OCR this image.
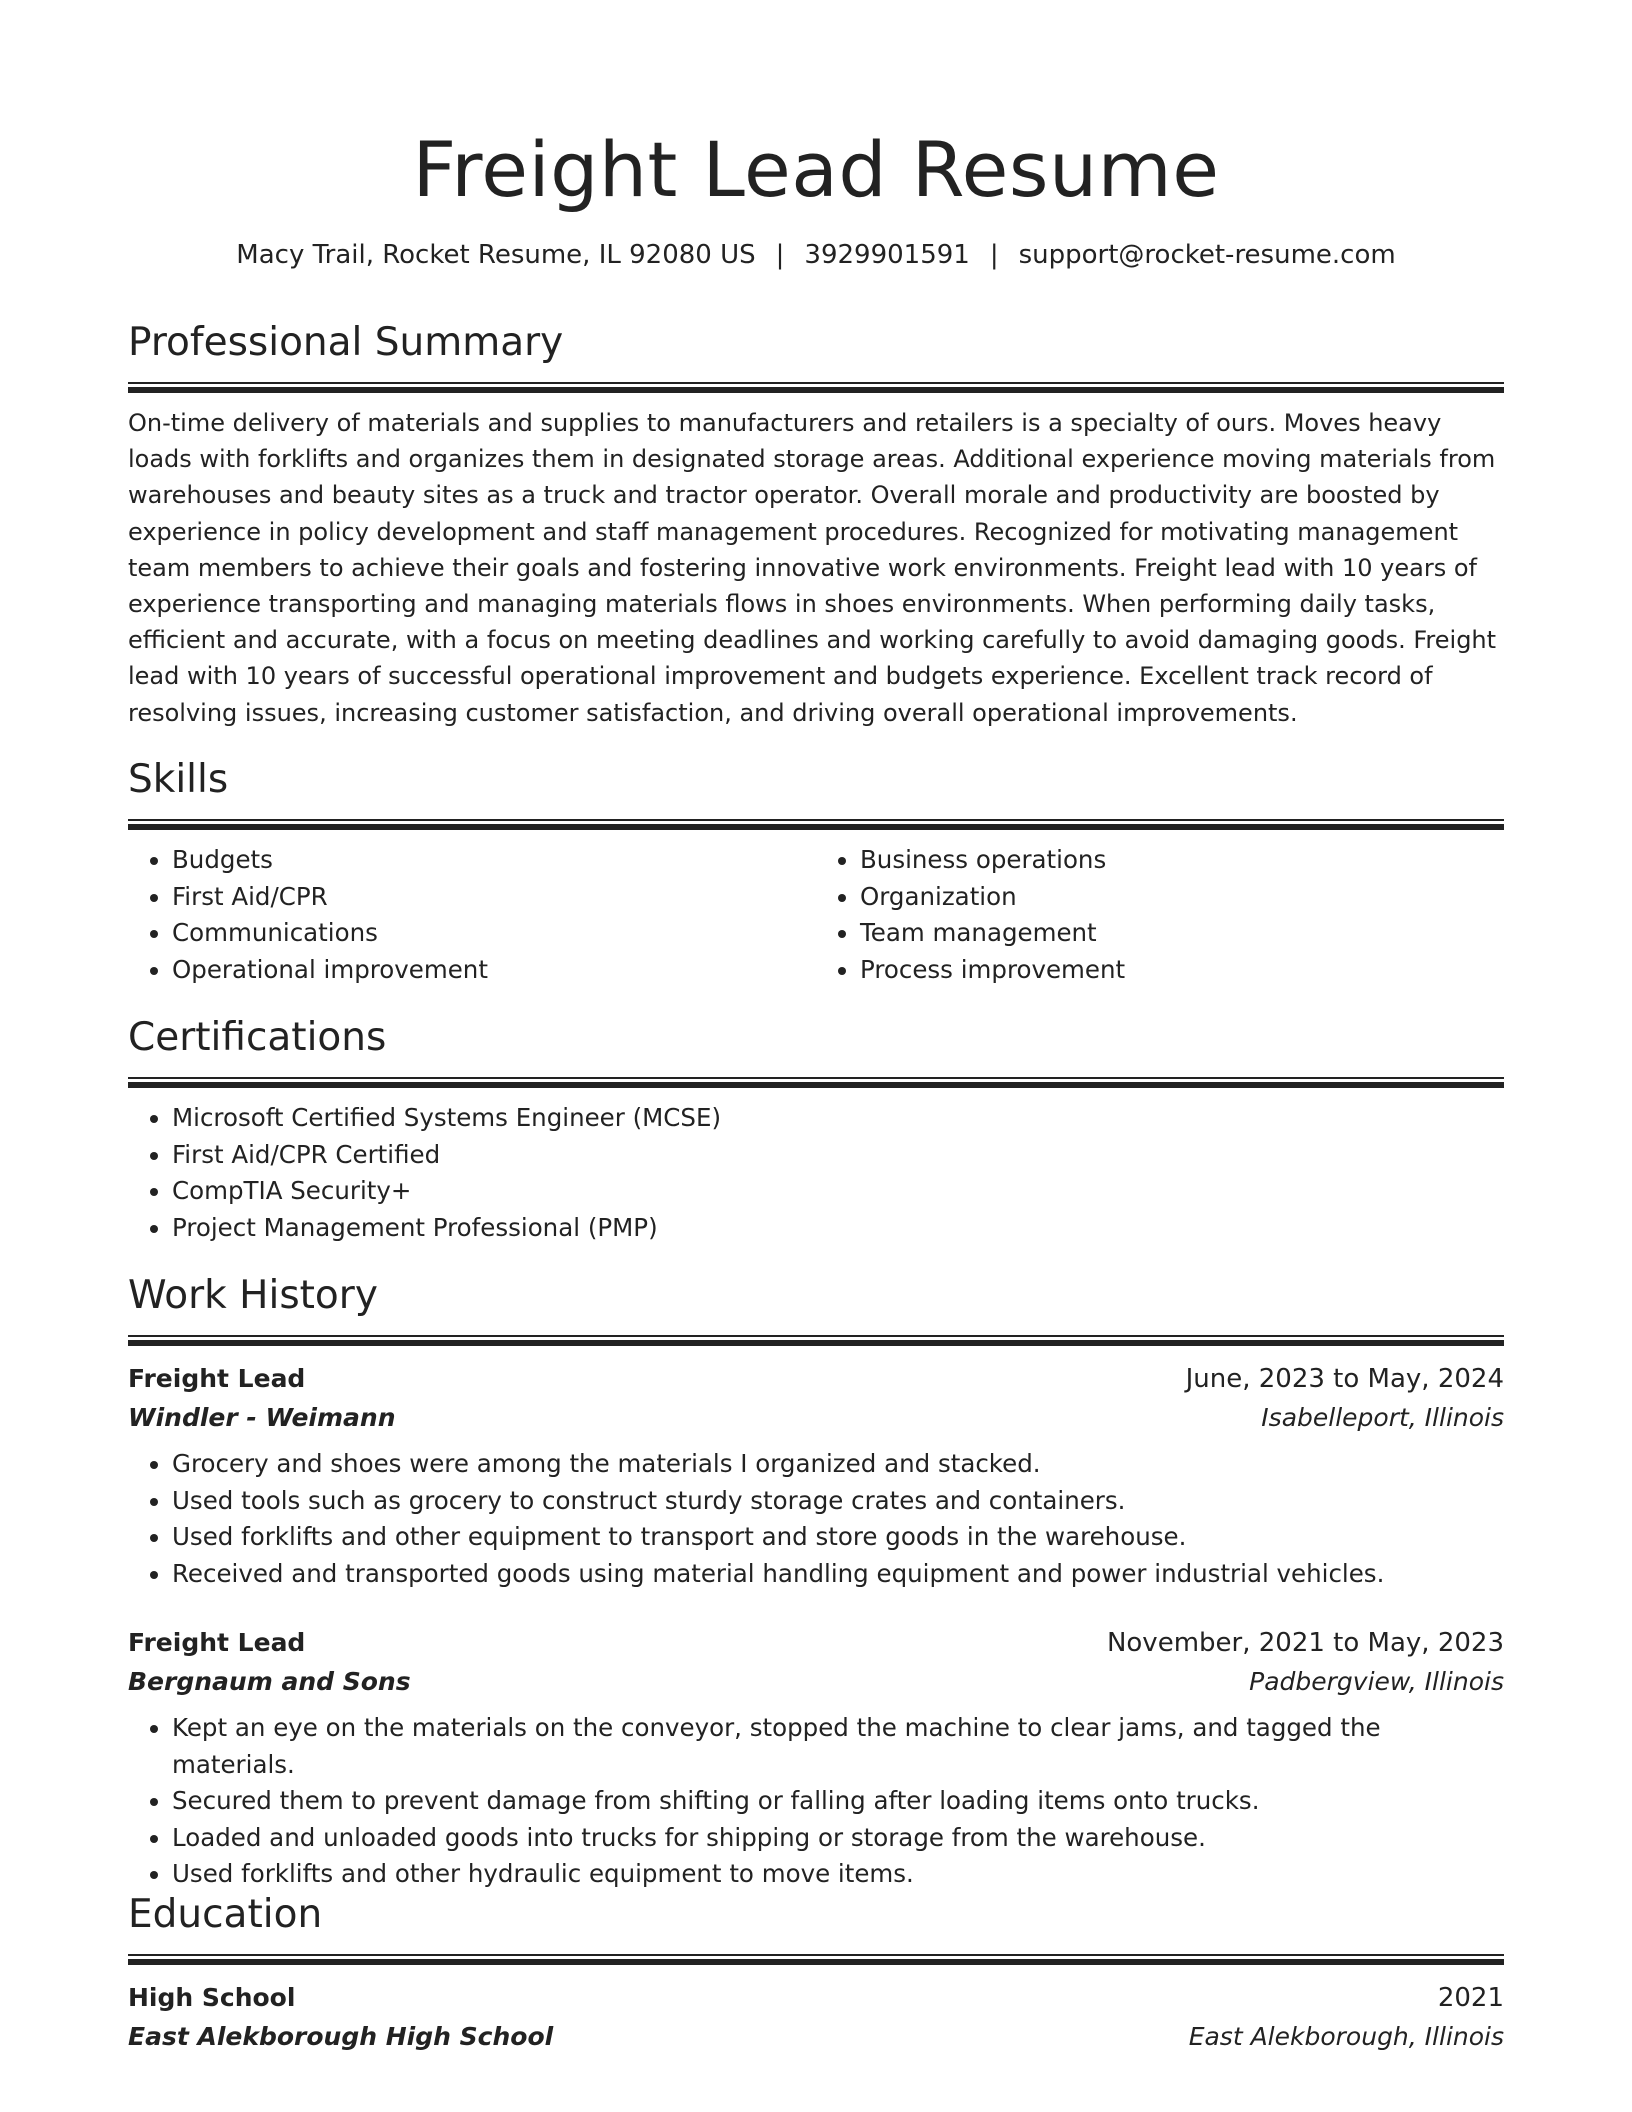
Freight Lead Resume
Macy Trail, Rocket Resume, IL 92080 US | 3929901591 | support@rocket-resume.com
Professional Summary

On-time delivery of materials and supplies to manufacturers and retailers is a specialty of ours. Moves heavy loads with forklifts and organizes them in designated storage areas. Additional experience moving materials from warehouses and beauty sites as a truck and tractor operator. Overall morale and productivity are boosted by experience in policy development and staff management procedures. Recognized for motivating management team members to achieve their goals and fostering innovative work environments. Freight lead with 10 years of experience transporting and managing materials flows in shoes environments. When performing daily tasks, efficient and accurate, with a focus on meeting deadlines and working carefully to avoid damaging goods. Freight lead with 10 years of successful operational improvement and budgets experience. Excellent track record of resolving issues, increasing customer satisfaction, and driving overall operational improvements.

Skills
• Budgets
• First Aid/CPR
• Communications
• Operational improvement
• Business operations
• Organization
• Team management
• Process improvement
Certifications
• Microsoft Certified Systems Engineer (MCSE)
• First Aid/CPR Certified
• CompTIA Security+
• Project Management Professional (PMP)
Work History
Freight Lead	June, 2023 to May, 2024
Windler - Weimann	Isabelleport, Illinois
• Grocery and shoes were among the materials I organized and stacked.
• Used tools such as grocery to construct sturdy storage crates and containers.
• Used forklifts and other equipment to transport and store goods in the warehouse.
• Received and transported goods using material handling equipment and power industrial vehicles.
Freight Lead	November, 2021 to May, 2023
Bergnaum and Sons	Padbergview, Illinois
• Kept an eye on the materials on the conveyor, stopped the machine to clear jams, and tagged the materials.
• Secured them to prevent damage from shifting or falling after loading items onto trucks.
• Loaded and unloaded goods into trucks for shipping or storage from the warehouse.
• Used forklifts and other hydraulic equipment to move items.
Education
High School	2021
East Alekborough High School	East Alekborough, Illinois
